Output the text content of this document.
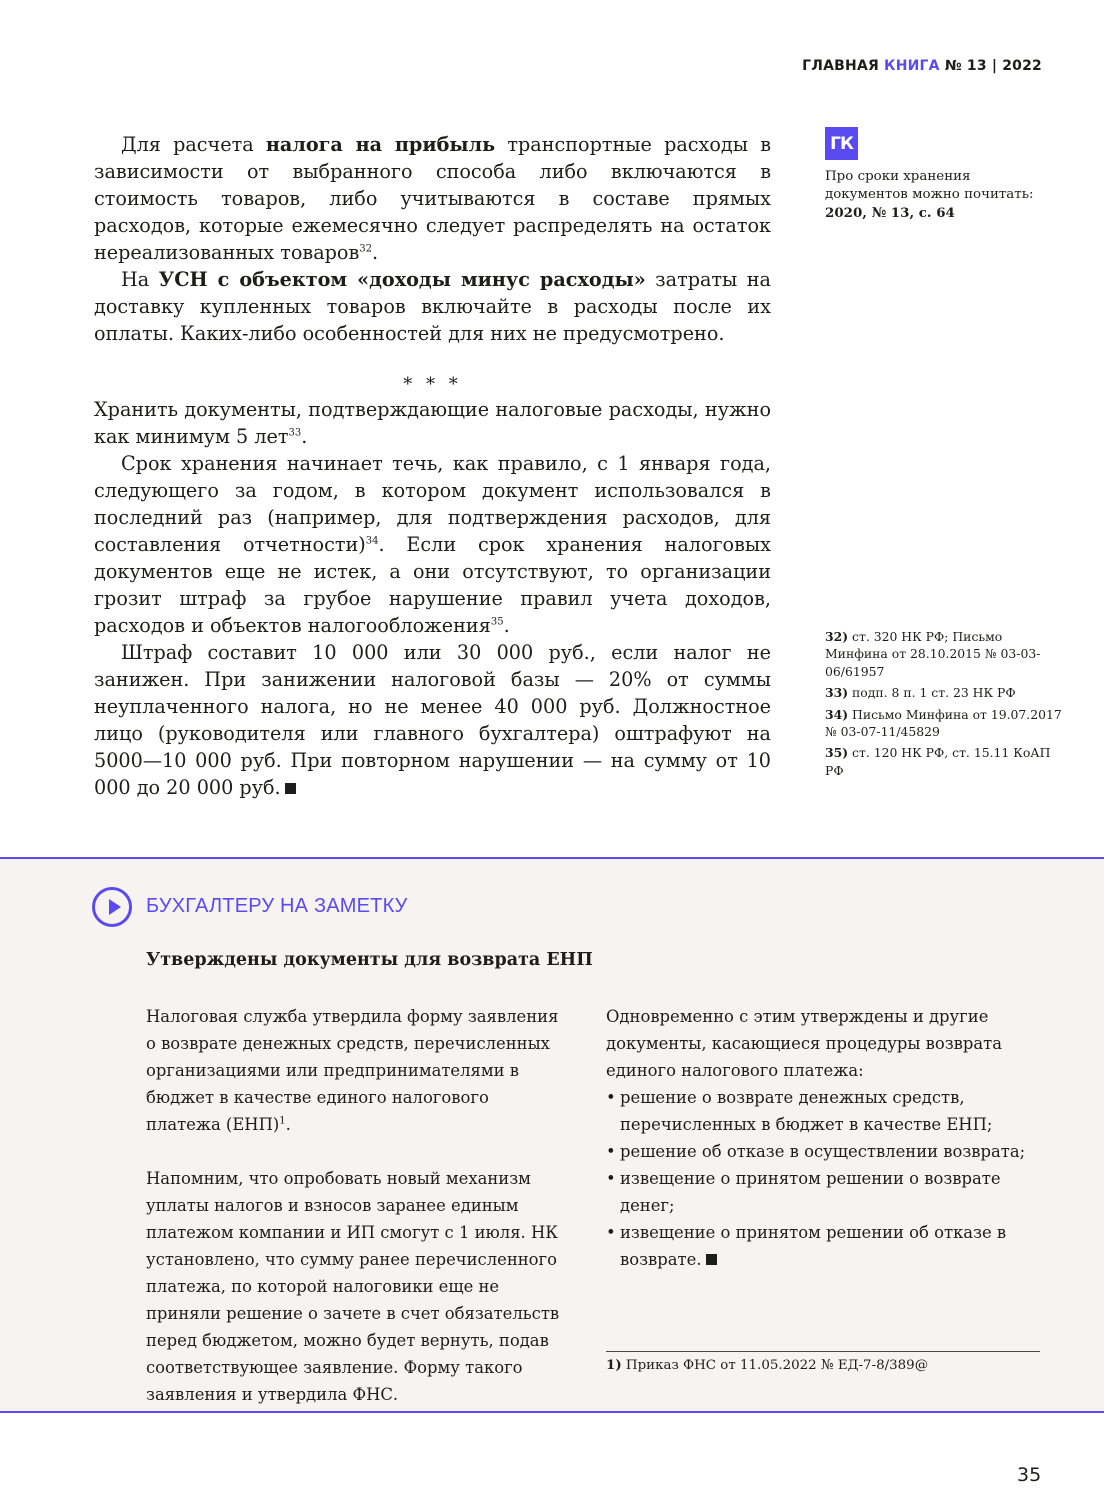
ГЛАВНАЯ КНИГА № 13 | 2022

Для расчета налога на прибыль транспортные расходы в зависимости от выбранного способа либо включаются в стоимость товаров, либо учитываются в составе прямых расходов, которые ежемесячно следует распределять на остаток нереализованных товаров$^{32}$.

На УСН с объектом «доходы минус расходы» затраты на доставку купленных товаров включайте в расходы после их оплаты. Каких-либо особенностей для них не предусмотрено.

* * *

Хранить документы, подтверждающие налоговые расходы, нужно как минимум 5 лет$^{33}$.

Срок хранения начинает течь, как правило, с 1 января года, следующего за годом, в котором документ использовался в последний раз (например, для подтверждения расходов, для составления отчетности)$^{34}$. Если срок хранения налоговых документов еще не истек, а они отсутствуют, то организации грозит штраф за грубое нарушение правил учета доходов, расходов и объектов налогообложения$^{35}$.

Штраф составит 10 000 или 30 000 руб., если налог не занижен. При занижении налоговой базы — 20% от суммы неуплаченного налога, но не менее 40 000 руб. Должностное лицо (руководителя или главного бухгалтера) оштрафуют на 5000—10 000 руб. При повторном нарушении — на сумму от 10 000 до 20 000 руб.

ГК
Про сроки хранения
документов можно почитать:
2020, № 13, с. 64
32) ст. 320 НК РФ; Письмо Минфина от 28.10.2015 № 03-03-06/61957
33) подп. 8 п. 1 ст. 23 НК РФ
34) Письмо Минфина от 19.07.2017 № 03-07-11/45829
35) ст. 120 НК РФ, ст. 15.11 КоАП РФ
БУХГАЛТЕРУ НА ЗАМЕТКУ
Утверждены документы для возврата ЕНП

Налоговая служба утвердила форму заявления о возврате денежных средств, перечисленных организациями или предпринимателями в бюджет в качестве единого налогового платежа (ЕНП)$^1$.

Напомним, что опробовать новый механизм уплаты налогов и взносов заранее единым платежом компании и ИП смогут с 1 июля. НК установлено, что сумму ранее перечисленного платежа, по которой налоговики еще не приняли решение о зачете в счет обязательств перед бюджетом, можно будет вернуть, подав соответствующее заявление. Форму такого заявления и утвердила ФНС.

Одновременно с этим утверждены и другие документы, касающиеся процедуры возврата единого налогового платежа:

• решение о возврате денежных средств, перечисленных в бюджет в качестве ЕНП;
• решение об отказе в осуществлении возврата;
• извещение о принятом решении о возврате денег;
• извещение о принятом решении об отказе в возврате.
1) Приказ ФНС от 11.05.2022 № ЕД-7-8/389@
35
